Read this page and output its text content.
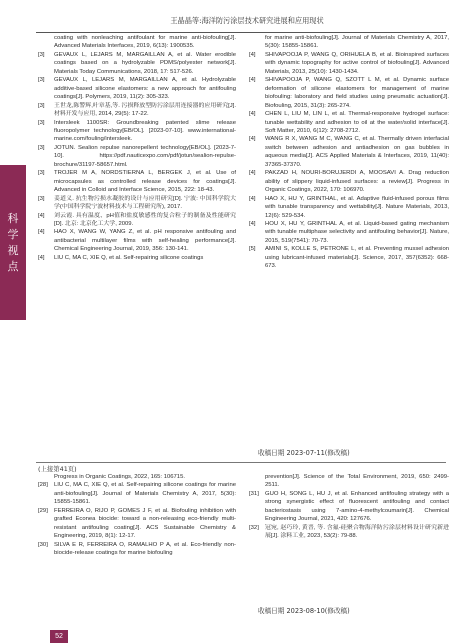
王晶晶等:海洋防污涂层技术研究进展和应用现状
科
学
视
点
coating with nonleaching antifoulant for marine anti-biofouling[J]. Advanced Materials Interfaces, 2019, 6(13): 1900535.
[3]	GEVAUX L, LEJARS M, MARGAILLAN A, et al. Water erodible coatings based on a hydrolyzable PDMS/polyester network[J]. Materials Today Communications, 2018, 17: 517-526.
[3]	GEVAUX L, LEJARS M, MARGAILLAN A, et al. Hydrolyzable additive-based silicone elastomers: a new approach for antifouling coatings[J]. Polymers, 2019, 11(2): 305-323.
[3]	王世龙,陈警辉,叶章基,等. 污损释放型防污涂层用连接器的应用研究[J]. 材料开发与应用, 2014, 29(5): 17-22.
[3]	Intersleek 1100SR: Groundbreaking patented slime release fluoropolymer technology[EB/OL]. [2023-07-10]. www.international-marine.com/fouling/intersleek.
[3]	JOTUN. Sealion repulse nanorepellent technology[EB/OL]. [2023-7-10]. https://pdf.nauticexpo.com/pdf/jotun/sealion-repulse-brochure/31197-58657.html.
[3]	TROJER M A, NORDSTIERNA L, BERGEK J, et al. Use of microcapsules as controlled release devices for coatings[J]. Advanced in Colloid and Interface Science, 2015, 222: 18-43.
[3]	姜道义. 抗生物污损水凝胶的设计与应用研究[D]. 宁波: 中国科学院大学(中国科学院宁波材料技术与工程研究所), 2017.
[4]	刘云霞. 具有温度、pH值和盐度敏感性的复合粒子的制备及性能研究[D]. 北京: 北京化工大学, 2009.
[4]	HAO X, WANG W, YANG Z, et al. pH responsive antifouling and antibacterial multilayer films with self-healing performance[J]. Chemical Engineering Journal, 2019, 356: 130-141.
[4]	LIU C, MA C, XIE Q, et al. Self-repairing silicone coatings
for marine anti-biofouling[J]. Journal of Materials Chemistry A, 2017, 5(30): 15855-15861.
[4]	SHIVAPOOJA P, WANG Q, ORIHUELA B, et al. Bioinspired surfaces with dynamic topography for active control of biofouling[J]. Advanced Materials, 2013, 25(10): 1430-1434.
[4]	SHIVAPOOJA P, WANG Q, SZOTT L M, et al. Dynamic surface deformation of silicone elastomers for management of marine biofouling: laboratory and field studies using pneumatic actuation[J]. Biofouling, 2015, 31(3): 265-274.
[4]	CHEN L, LIU M, LIN L, et al. Thermal-responsive hydrogel surface: tunable wettability and adhesion to oil at the water/solid interface[J]. Soft Matter, 2010, 6(12): 2708-2712.
[4]	WANG R X, WANG M C, WANG C, et al. Thermally driven interfacial switch between adhesion and antiadhesion on gas bubbles in aqueous media[J]. ACS Applied Materials & Interfaces, 2019, 11(40): 37365-37370.
[4]	PAKZAD H, NOURI-BORUJERDI A, MOOSAVI A. Drag reduction ability of slippery liquid-infused surfaces: a review[J]. Progress in Organic Coatings, 2022, 170: 106970.
[4]	HAO X, HU Y, GRINTHAL, et al. Adaptive fluid-infused porous films with tunable transparency and wettability[J]. Nature Materials, 2013, 12(6): 529-534.
[4]	HOU X, HU Y, GRINTHAL A, et al. Liquid-based gating mechanism with tunable multiphase selectivity and antifouling behavior[J]. Nature, 2015, 519(7541): 70-73.
[5]	AMINI S, KOLLE S, PETRONE L, et al. Preventing mussel adhesion using lubricant-infused materials[J]. Science, 2017, 357(6352): 668-673.
收稿日期 2023-07-11(修改稿)
(上接第41页)
Progress in Organic Coatings, 2022, 165: 106715.
[28]	LIU C, MA C, XIE Q, et al. Self-repairing silicone coatings for marine anti-biofouling[J]. Journal of Materials Chemistry A, 2017, 5(30): 15855-15861.
[29]	FERREIRA O, RIJO P, GOMES J F, et al. Biofouling inhibition with grafted Econea biocide: toward a non-releasing eco-friendly multi-resistant antifouling coating[J]. ACS Sustainable Chemistry & Engineering, 2019, 8(1): 12-17.
[30]	SILVA E R, FERREIRA O, RAMALHO P A, et al. Eco-friendly non-biocide-release coatings for marine biofouling
prevention[J]. Science of the Total Environment, 2019, 650: 2499-2511.
[31]	GUO H, SONG L, HU J, et al. Enhanced antifouling strategy with a strong synergistic effect of fluorescent antifouling and contact bacteriostasis using 7-amino-4-methylcoumarin[J]. Chemical Engineering Journal, 2021, 420: 127676.
[32]	冠宛, 赵巧玲, 黄晋, 等. 含氟-硅聚合物海洋防污涂层材料设计研究新进展[J]. 涂料工业, 2023, 53(2): 79-88.
收稿日期 2023-08-10(修改稿)
52
